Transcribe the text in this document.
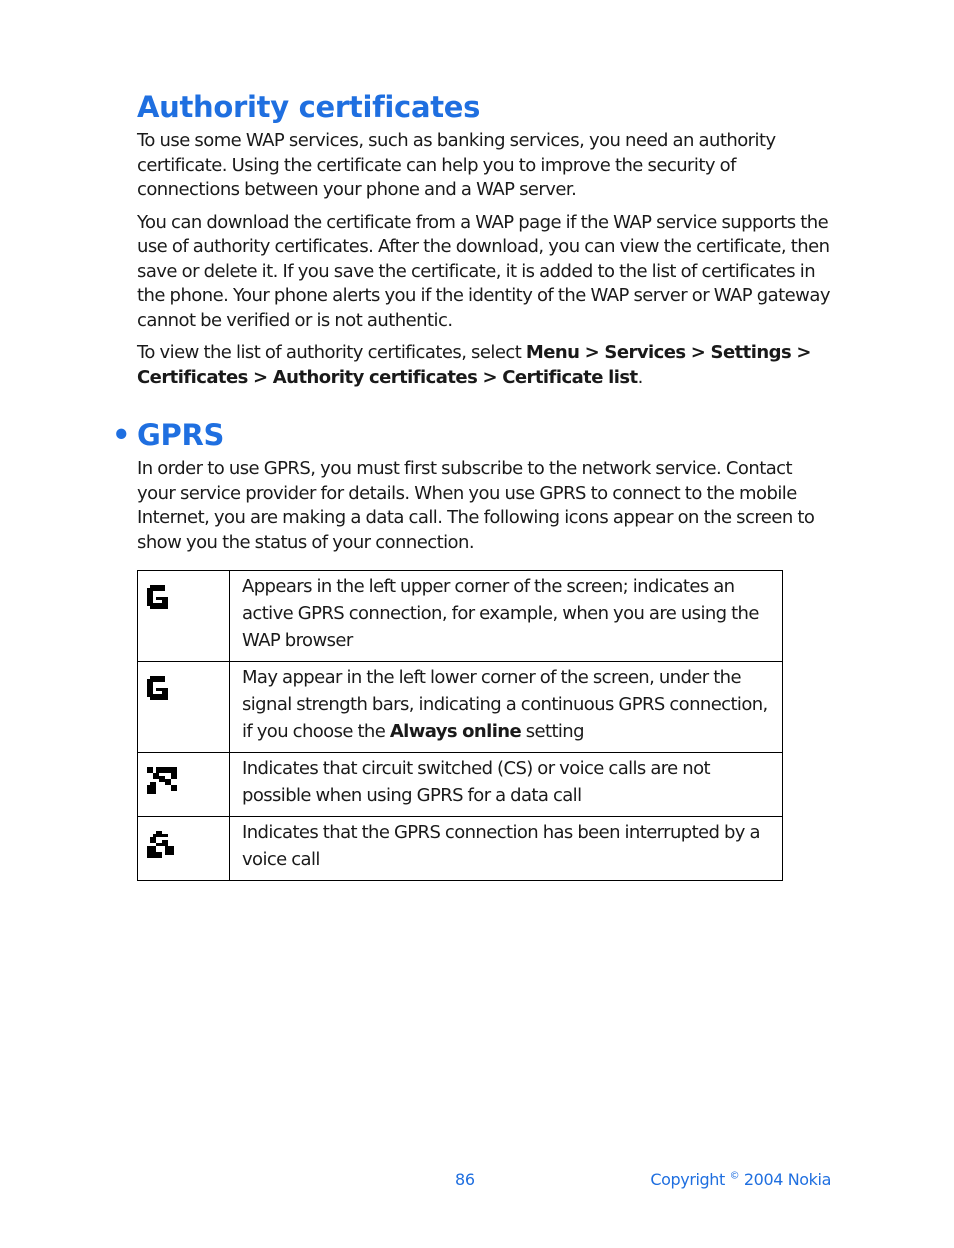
Authority certificates

To use some WAP services, such as banking services, you need an authority certificate. Using the certificate can help you to improve the security of connections between your phone and a WAP server.

You can download the certificate from a WAP page if the WAP service supports the use of authority certificates. After the download, you can view the certificate, then save or delete it. If you save the certificate, it is added to the list of certificates in the phone. Your phone alerts you if the identity of the WAP server or WAP gateway cannot be verified or is not authentic.

To view the list of authority certificates, select Menu > Services > Settings > Certificates > Authority certificates > Certificate list.

• GPRS

In order to use GPRS, you must first subscribe to the network service. Contact your service provider for details. When you use GPRS to connect to the mobile Internet, you are making a data call. The following icons appear on the screen to show you the status of your connection.

	Appears in the left upper corner of the screen; indicates an active GPRS connection, for example, when you are using the WAP browser

	May appear in the left lower corner of the screen, under the signal strength bars, indicating a continuous GPRS connection, if you choose the Always online setting

	Indicates that circuit switched (CS) or voice calls are not possible when using GPRS for a data call

	Indicates that the GPRS connection has been interrupted by a voice call
86	Copyright © 2004 Nokia
